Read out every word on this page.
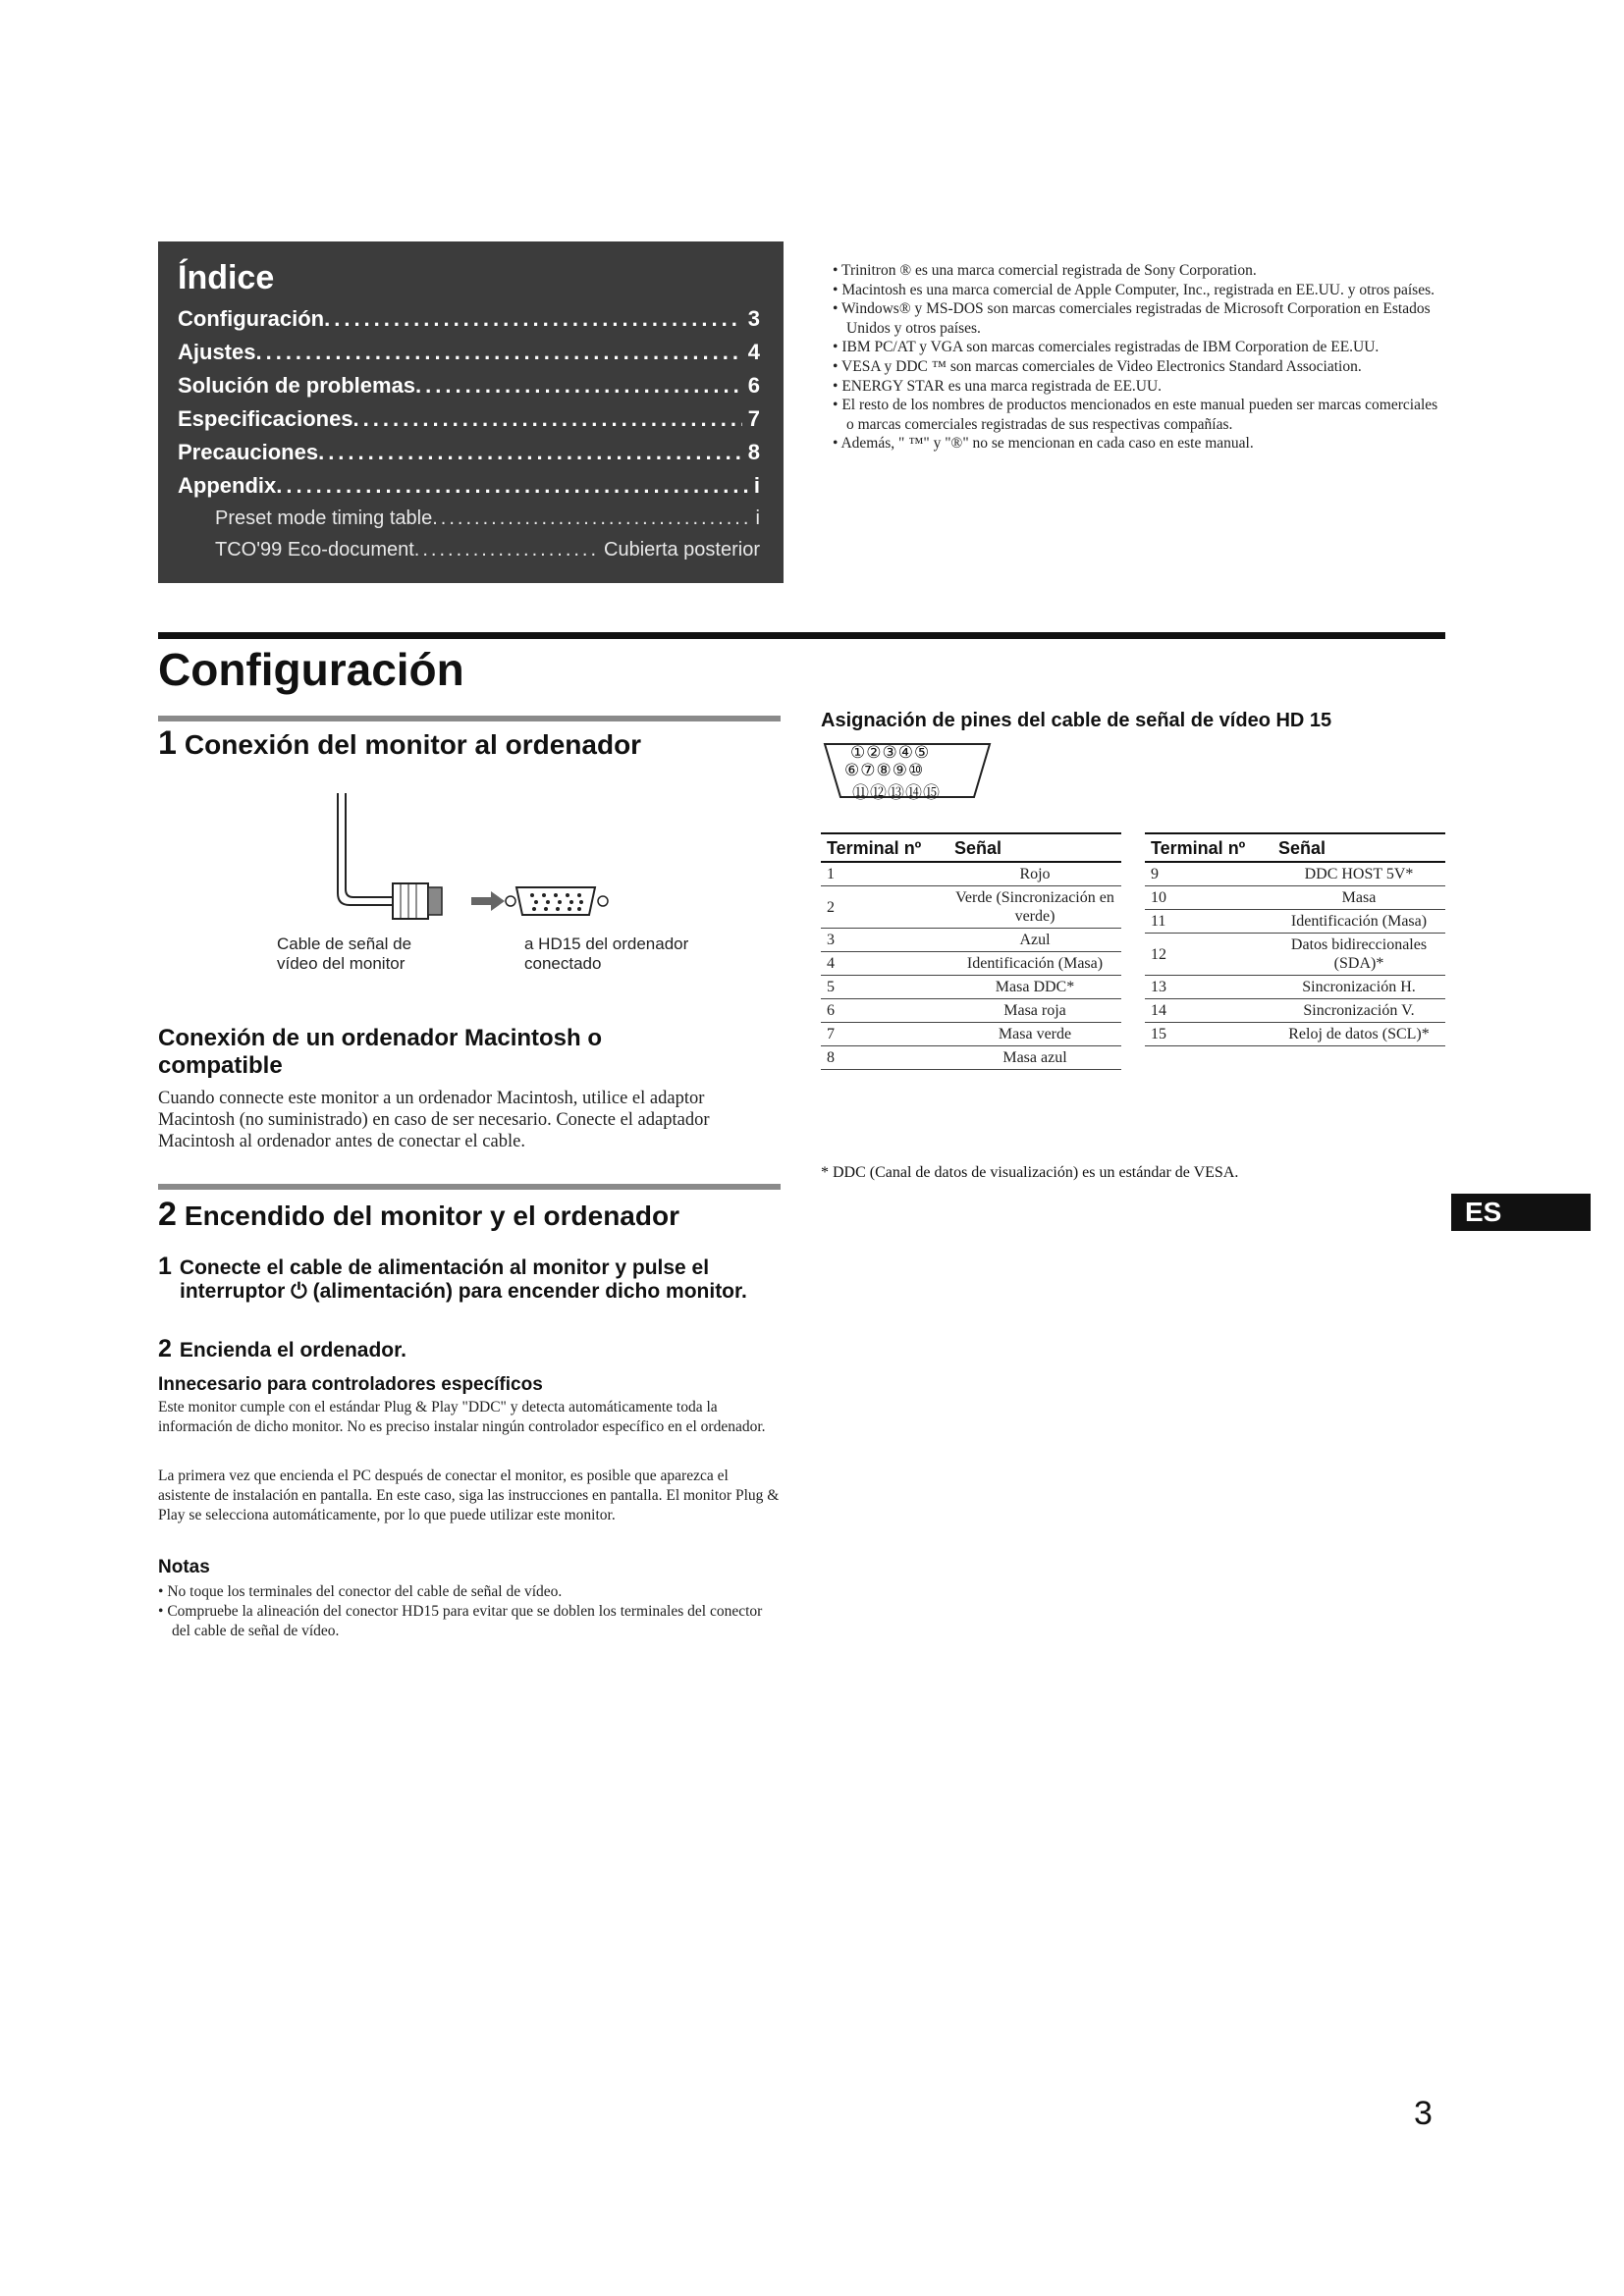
Índice
Configuración .....	3
Ajustes .....	4
Solución de problemas .....	6
Especificaciones .....	7
Precauciones .....	8
Appendix .....	i
Preset mode timing table .....	i
TCO'99 Eco-document .....	Cubierta posterior
• Trinitron ® es una marca comercial registrada de Sony Corporation.
• Macintosh es una marca comercial de Apple Computer, Inc., registrada en EE.UU. y otros países.
• Windows® y MS-DOS son marcas comerciales registradas de Microsoft Corporation en Estados Unidos y otros países.
• IBM PC/AT y VGA son marcas comerciales registradas de IBM Corporation de EE.UU.
• VESA y DDC ™ son marcas comerciales de Video Electronics Standard Association.
• ENERGY STAR es una marca registrada de EE.UU.
• El resto de los nombres de productos mencionados en este manual pueden ser marcas comerciales o marcas comerciales registradas de sus respectivas compañías.
• Además, " ™" y "®" no se mencionan en cada caso en este manual.
Configuración
1 Conexión del monitor al ordenador
Cable de señal de vídeo del monitor
a HD15 del ordenador conectado
Conexión de un ordenador Macintosh o compatible
Cuando connecte este monitor a un ordenador Macintosh, utilice el adaptor Macintosh (no suministrado) en caso de ser necesario. Conecte el adaptador Macintosh al ordenador antes de conectar el cable.
2 Encendido del monitor y el ordenador
1 Conecte el cable de alimentación al monitor y pulse el interruptor ⏻ (alimentación) para encender dicho monitor.
2 Encienda el ordenador.
Innecesario para controladores específicos
Este monitor cumple con el estándar Plug & Play "DDC" y detecta automáticamente toda la información de dicho monitor. No es preciso instalar ningún controlador específico en el ordenador.
La primera vez que encienda el PC después de conectar el monitor, es posible que aparezca el asistente de instalación en pantalla. En este caso, siga las instrucciones en pantalla. El monitor Plug & Play se selecciona automáticamente, por lo que puede utilizar este monitor.
Notas
• No toque los terminales del conector del cable de señal de vídeo.
• Compruebe la alineación del conector HD15 para evitar que se doblen los terminales del conector del cable de señal de vídeo.
Asignación de pines del cable de señal de vídeo HD 15
①②③④⑤
⑥⑦⑧⑨⑩
⑪⑫⑬⑭⑮
Terminal nº	Señal
1	Rojo
2	Verde (Sincronización en verde)
3	Azul
4	Identificación (Masa)
5	Masa DDC*
6	Masa roja
7	Masa verde
8	Masa azul
Terminal nº	Señal
9	DDC HOST 5V*
10	Masa
11	Identificación (Masa)
12	Datos bidireccionales (SDA)*
13	Sincronización H.
14	Sincronización V.
15	Reloj de datos (SCL)*
* DDC (Canal de datos de visualización) es un estándar de VESA.
ES
3
